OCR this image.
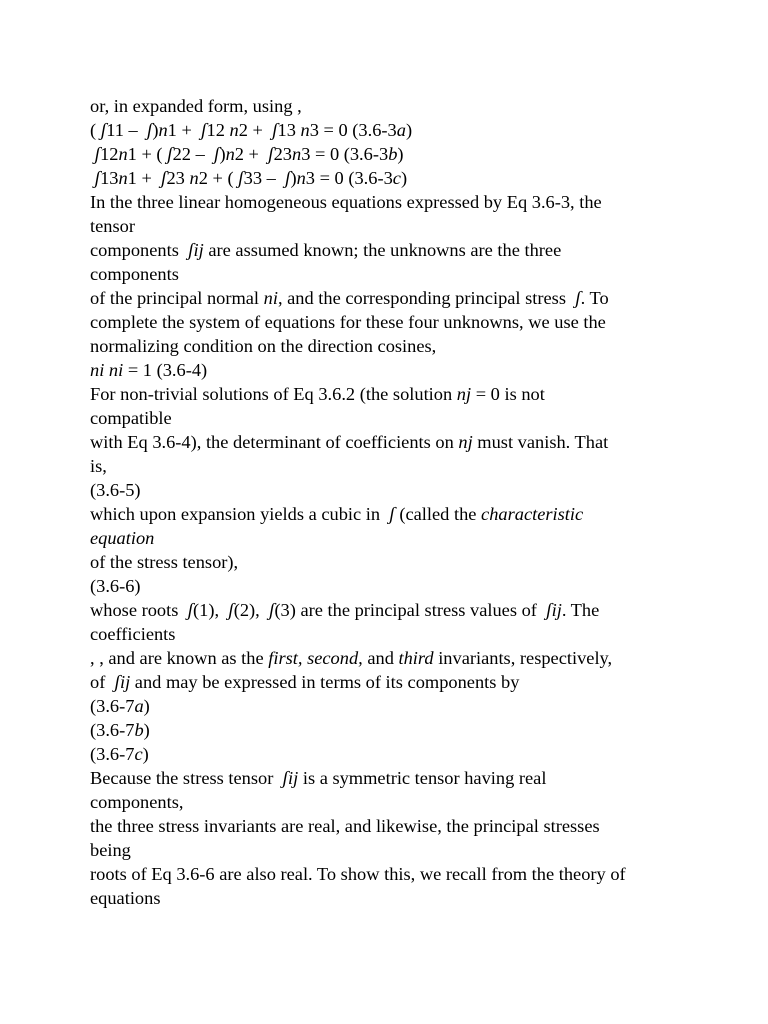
or, in expanded form, using ,
( ʃ11 –  ʃ)n1 +  ʃ12 n2 +  ʃ13 n3 = 0 (3.6-3a)
ʃ12n1 + ( ʃ22 –  ʃ)n2 +  ʃ23n3 = 0 (3.6-3b)
ʃ13n1 +  ʃ23 n2 + ( ʃ33 –  ʃ)n3 = 0 (3.6-3c)
In the three linear homogeneous equations expressed by Eq 3.6-3, the
tensor
components  ʃij are assumed known; the unknowns are the three
components
of the principal normal ni, and the corresponding principal stress  ʃ. To
complete the system of equations for these four unknowns, we use the
normalizing condition on the direction cosines,
ni ni = 1 (3.6-4)
For non-trivial solutions of Eq 3.6.2 (the solution nj = 0 is not
compatible
with Eq 3.6-4), the determinant of coefficients on nj must vanish. That
is,
(3.6-5)
which upon expansion yields a cubic in  ʃ (called the characteristic
equation
of the stress tensor),
(3.6-6)
whose roots  ʃ(1),  ʃ(2),  ʃ(3) are the principal stress values of  ʃij. The
coefficients
, , and are known as the first, second, and third invariants, respectively,
of  ʃij and may be expressed in terms of its components by
(3.6-7a)
(3.6-7b)
(3.6-7c)
Because the stress tensor  ʃij is a symmetric tensor having real
components,
the three stress invariants are real, and likewise, the principal stresses
being
roots of Eq 3.6-6 are also real. To show this, we recall from the theory of
equations
